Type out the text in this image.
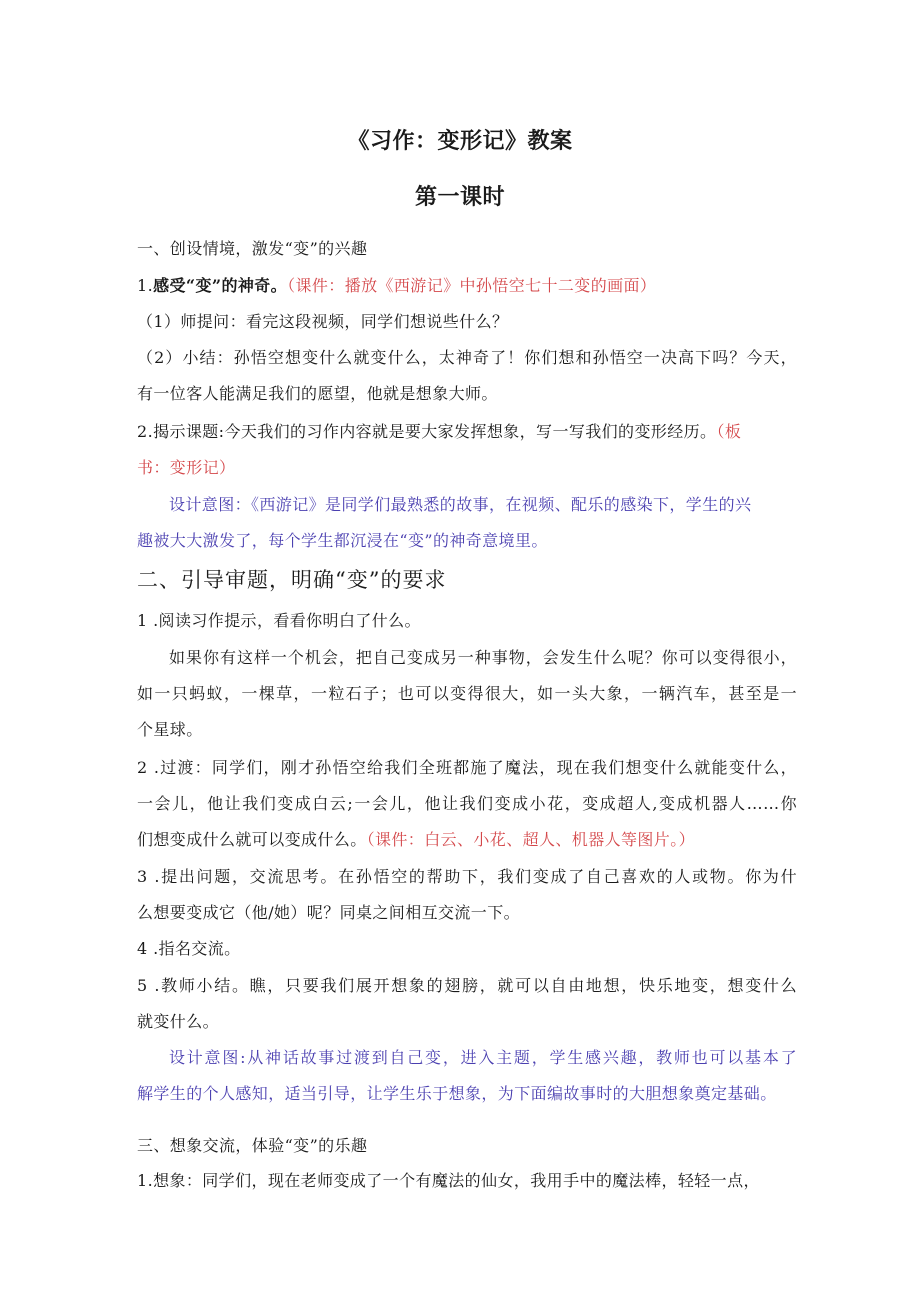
《习作：变形记》教案
第一课时
一、创设情境，激发“变”的兴趣
1.感受“变”的神奇。（课件：播放《西游记》中孙悟空七十二变的画面）
（1）师提问：看完这段视频，同学们想说些什么？
（2）小结：孙悟空想变什么就变什么，太神奇了！你们想和孙悟空一决高下吗？今天，
有一位客人能满足我们的愿望，他就是想象大师。
2.揭示课题:今天我们的习作内容就是要大家发挥想象，写一写我们的变形经历。（板
书：变形记）
设计意图：《西游记》是同学们最熟悉的故事，在视频、配乐的感染下，学生的兴
趣被大大激发了，每个学生都沉浸在“变”的神奇意境里。
二、引导审题，明确“变”的要求
1 .阅读习作提示，看看你明白了什么。
如果你有这样一个机会，把自己变成另一种事物，会发生什么呢？你可以变得很小，
如一只蚂蚁，一棵草，一粒石子；也可以变得很大，如一头大象，一辆汽车，甚至是一
个星球。
2 .过渡：同学们，刚才孙悟空给我们全班都施了魔法，现在我们想变什么就能变什么，
一会儿，他让我们变成白云;一会儿，他让我们变成小花，变成超人,变成机器人……你
们想变成什么就可以变成什么。（课件：白云、小花、超人、机器人等图片。）
3 .提出问题，交流思考。在孙悟空的帮助下，我们变成了自己喜欢的人或物。你为什
么想要变成它（他/她）呢？同桌之间相互交流一下。
4 .指名交流。
5 .教师小结。瞧，只要我们展开想象的翅膀，就可以自由地想，快乐地变，想变什么
就变什么。
设计意图:从神话故事过渡到自己变，进入主题，学生感兴趣，教师也可以基本了
解学生的个人感知，适当引导，让学生乐于想象，为下面编故事时的大胆想象奠定基础。
三、想象交流，体验“变”的乐趣
1.想象：同学们，现在老师变成了一个有魔法的仙女，我用手中的魔法棒，轻轻一点，
